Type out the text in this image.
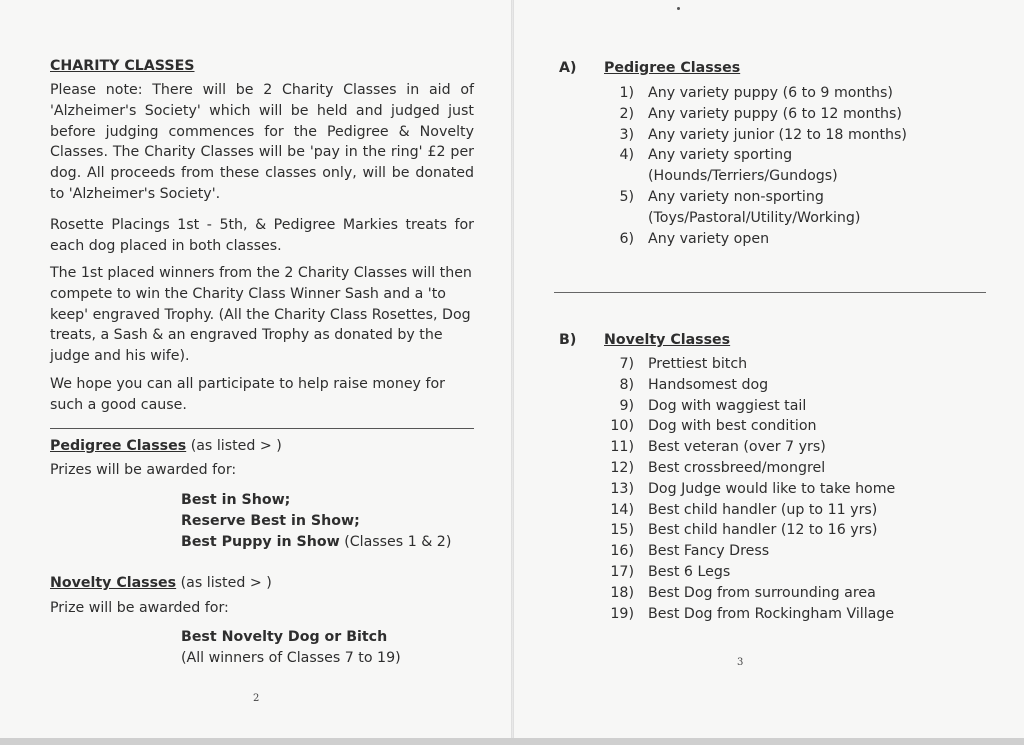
CHARITY CLASSES
Please note: There will be 2 Charity Classes in aid of 'Alzheimer's Society' which will be held and judged just before judging commences for the Pedigree & Novelty Classes. The Charity Classes will be 'pay in the ring' £2 per dog. All proceeds from these classes only, will be donated to 'Alzheimer's Society'.
Rosette Placings 1st - 5th, & Pedigree Markies treats for each dog placed in both classes.
The 1st placed winners from the 2 Charity Classes will then compete to win the Charity Class Winner Sash and a 'to keep' engraved Trophy. (All the Charity Class Rosettes, Dog treats, a Sash & an engraved Trophy as donated by the judge and his wife).
We hope you can all participate to help raise money for such a good cause.
Pedigree Classes (as listed > )
Prizes will be awarded for:
Best in Show;
Reserve Best in Show;
Best Puppy in Show (Classes 1 & 2)
Novelty Classes (as listed > )
Prize will be awarded for:
Best Novelty Dog or Bitch
(All winners of Classes 7 to 19)
2
A) Pedigree Classes
1) Any variety puppy (6 to 9 months)
2) Any variety puppy (6 to 12 months)
3) Any variety junior (12 to 18 months)
4) Any variety sporting
(Hounds/Terriers/Gundogs)
5) Any variety non-sporting
(Toys/Pastoral/Utility/Working)
6) Any variety open
B) Novelty Classes
7) Prettiest bitch
8) Handsomest dog
9) Dog with waggiest tail
10) Dog with best condition
11) Best veteran (over 7 yrs)
12) Best crossbreed/mongrel
13) Dog Judge would like to take home
14) Best child handler (up to 11 yrs)
15) Best child handler (12 to 16 yrs)
16) Best Fancy Dress
17) Best 6 Legs
18) Best Dog from surrounding area
19) Best Dog from Rockingham Village
3
